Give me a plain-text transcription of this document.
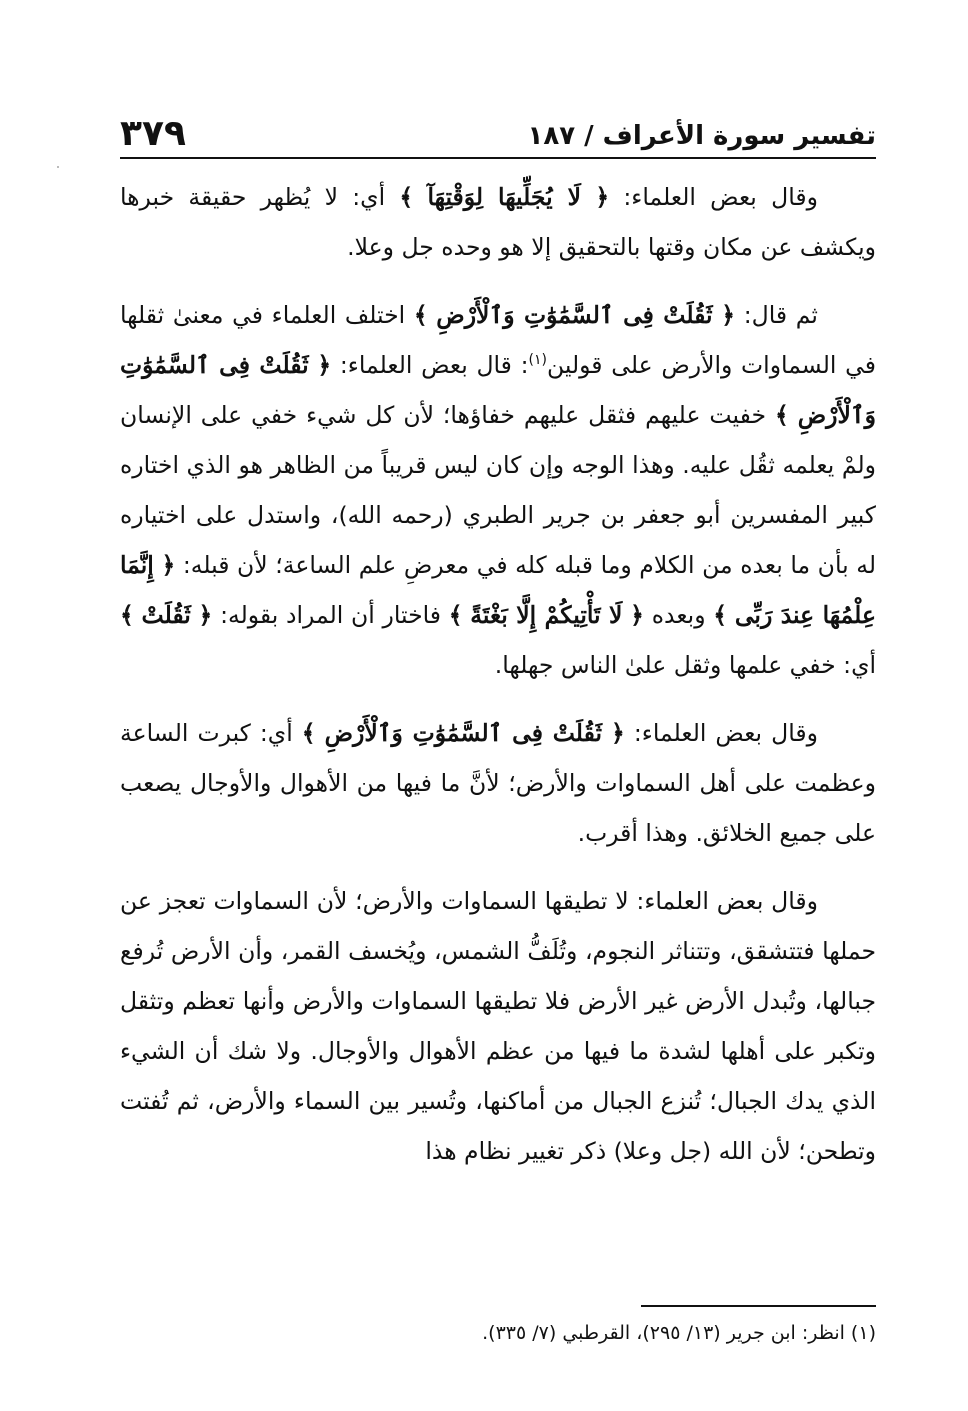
تفسير سورة الأعراف / ١٨٧
٣٧٩

وقال بعض العلماء: ﴿ لَا يُجَلِّيهَا لِوَقْتِهَآ ﴾ أي: لا يُظهر حقيقة خبرها ويكشف عن مكان وقتها بالتحقيق إلا هو وحده جل وعلا.

ثم قال: ﴿ ثَقُلَتْ فِى ٱلسَّمَٰوَٰتِ وَٱلْأَرْضِ ﴾ اختلف العلماء في معنىٰ ثقلها في السماوات والأرض على قولين$^{(١)}$: قال بعض العلماء: ﴿ ثَقُلَتْ فِى ٱلسَّمَٰوَٰتِ وَٱلْأَرْضِ ﴾ خفيت عليهم فثقل عليهم خفاؤها؛ لأن كل شيء خفي على الإنسان ولمْ يعلمه ثقُل عليه. وهذا الوجه وإن كان ليس قريباً من الظاهر هو الذي اختاره كبير المفسرين أبو جعفر بن جرير الطبري (رحمه الله)، واستدل على اختياره له بأن ما بعده من الكلام وما قبله كله في معرضِ علم الساعة؛ لأن قبله: ﴿ إِنَّمَا عِلْمُهَا عِندَ رَبِّى ﴾ وبعده ﴿ لَا تَأْتِيكُمْ إِلَّا بَغْتَةً ﴾ فاختار أن المراد بقوله: ﴿ ثَقُلَتْ ﴾ أي: خفي علمها وثقل علىٰ الناس جهلها.

وقال بعض العلماء: ﴿ ثَقُلَتْ فِى ٱلسَّمَٰوَٰتِ وَٱلْأَرْضِ ﴾ أي: كبرت الساعة وعظمت على أهل السماوات والأرض؛ لأنَّ ما فيها من الأهوال والأوجال يصعب على جميع الخلائق. وهذا أقرب.

وقال بعض العلماء: لا تطيقها السماوات والأرض؛ لأن السماوات تعجز عن حملها فتتشقق، وتتناثر النجوم، وتُلَفُّ الشمس، ويُخسف القمر، وأن الأرض تُرفع جبالها، وتُبدل الأرض غير الأرض فلا تطيقها السماوات والأرض وأنها تعظم وتثقل وتكبر على أهلها لشدة ما فيها من عظم الأهوال والأوجال. ولا شك أن الشيء الذي يدك الجبال؛ تُنزع الجبال من أماكنها، وتُسير بين السماء والأرض، ثم تُفتت وتطحن؛ لأن الله (جل وعلا) ذكر تغيير نظام هذا

(١) انظر: ابن جرير (١٣/ ٢٩٥)، القرطبي (٧/ ٣٣٥).
